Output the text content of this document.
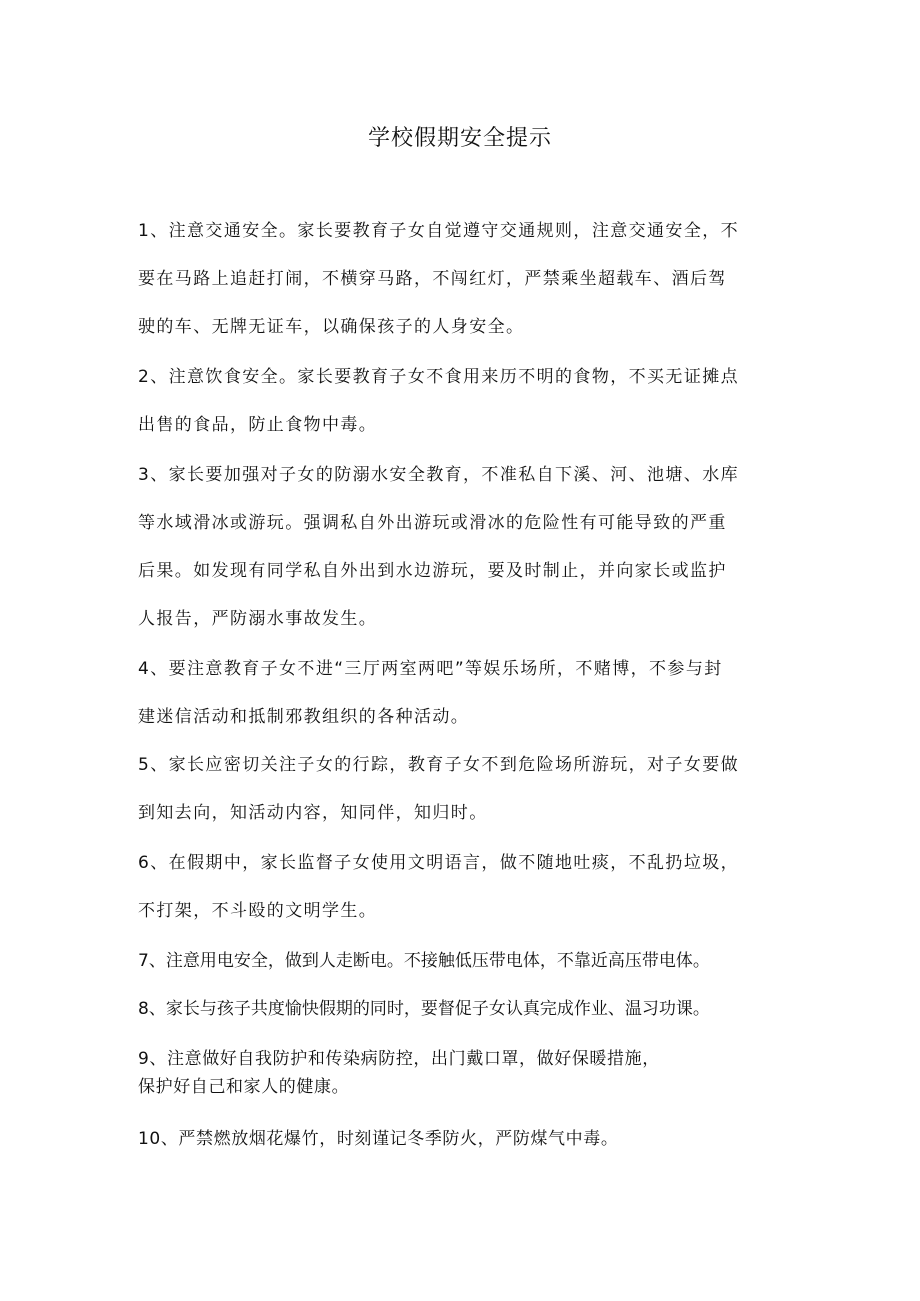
学校假期安全提示

1、注意交通安全。家长要教育子女自觉遵守交通规则，注意交通安全，不

要在马路上追赶打闹，不横穿马路，不闯红灯，严禁乘坐超载车、酒后驾

驶的车、无牌无证车，以确保孩子的人身安全。

2、注意饮食安全。家长要教育子女不食用来历不明的食物，不买无证摊点

出售的食品，防止食物中毒。

3、家长要加强对子女的防溺水安全教育，不准私自下溪、河、池塘、水库

等水域滑冰或游玩。强调私自外出游玩或滑冰的危险性有可能导致的严重

后果。如发现有同学私自外出到水边游玩，要及时制止，并向家长或监护

人报告，严防溺水事故发生。

4、要注意教育子女不进“三厅两室两吧”等娱乐场所，不赌博，不参与封

建迷信活动和抵制邪教组织的各种活动。

5、家长应密切关注子女的行踪，教育子女不到危险场所游玩，对子女要做

到知去向，知活动内容，知同伴，知归时。

6、在假期中，家长监督子女使用文明语言，做不随地吐痰，不乱扔垃圾，

不打架，不斗殴的文明学生。

7、注意用电安全，做到人走断电。不接触低压带电体，不靠近高压带电体。

8、家长与孩子共度愉快假期的同时，要督促子女认真完成作业、温习功课。

9、注意做好自我防护和传染病防控，出门戴口罩，做好保暖措施，

保护好自己和家人的健康。

10、严禁燃放烟花爆竹，时刻谨记冬季防火，严防煤气中毒。
